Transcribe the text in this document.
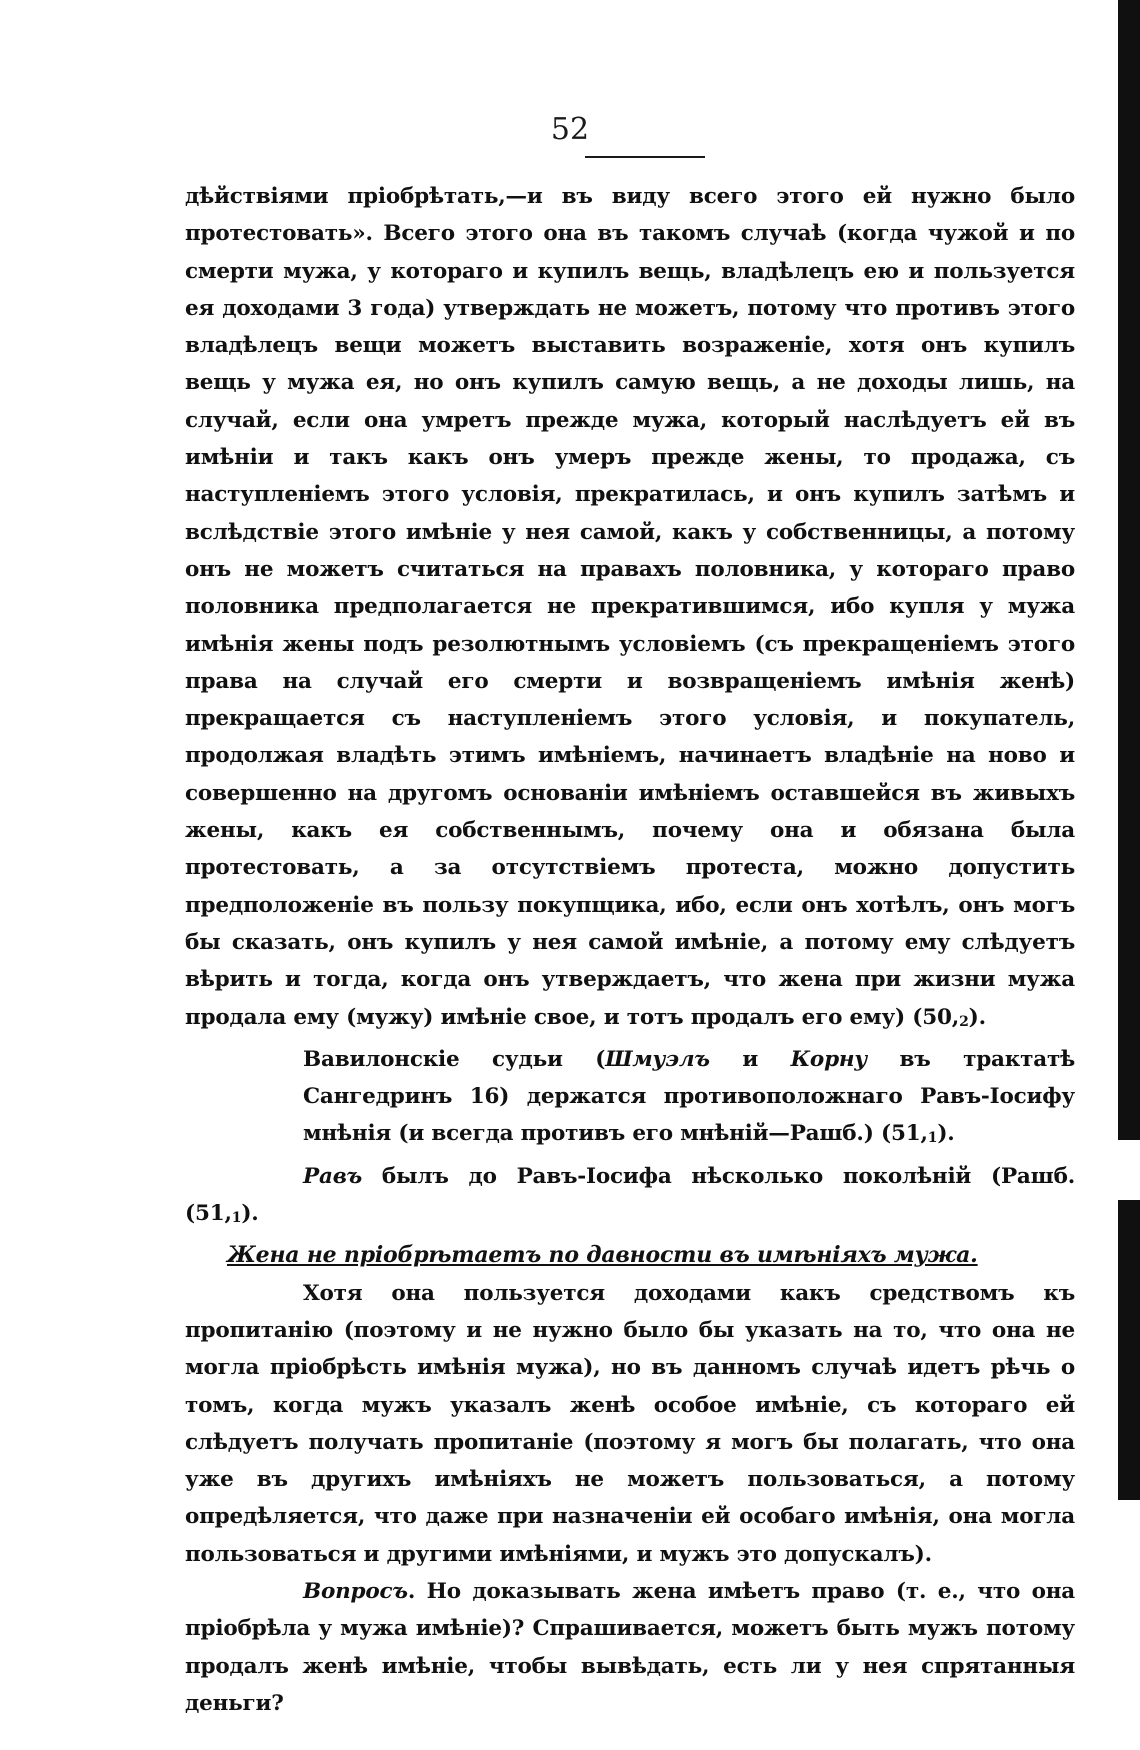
52

дѣйствіями пріобрѣтать,—и въ виду всего этого ей нужно было протестовать». Всего этого она въ такомъ случаѣ (когда чужой и по смерти мужа, у котораго и купилъ вещь, владѣлецъ ею и пользуется ея доходами 3 года) утверждать не можетъ, потому что противъ этого владѣлецъ вещи можетъ выставить возраженіе, хотя онъ купилъ вещь у мужа ея, но онъ купилъ самую вещь, а не доходы лишь, на случай, если она умретъ прежде мужа, который наслѣдуетъ ей въ имѣніи и такъ какъ онъ умеръ прежде жены, то продажа, съ наступленіемъ этого условія, прекратилась, и онъ купилъ затѣмъ и вслѣдствіе этого имѣніе у нея самой, какъ у собственницы, а потому онъ не можетъ считаться на правахъ половника, у котораго право половника предполагается не прекратившимся, ибо купля у мужа имѣнія жены подъ резолютнымъ условіемъ (съ прекращеніемъ этого права на случай его смерти и возвращеніемъ имѣнія женѣ) прекращается съ наступленіемъ этого условія, и покупатель, продолжая владѣть этимъ имѣніемъ, начинаетъ владѣніе на ново и совершенно на другомъ основаніи имѣніемъ оставшейся въ живыхъ жены, какъ ея собственнымъ, почему она и обязана была протестовать, а за отсутствіемъ протеста, можно допустить предположеніе въ пользу покупщика, ибо, если онъ хотѣлъ, онъ могъ бы сказать, онъ купилъ у нея самой имѣніе, а потому ему слѣдуетъ вѣрить и тогда, когда онъ утверждаетъ, что жена при жизни мужа продала ему (мужу) имѣніе свое, и тотъ продалъ его ему) (50,2).

Вавилонскіе судьи (Шмуэлъ и Корну въ трактатѣ Сангедринъ 16) держатся противоположнаго Равъ-Іосифу мнѣнія (и всегда противъ его мнѣній—Рашб.) (51,1).

Равъ былъ до Равъ-Іосифа нѣсколько поколѣній (Рашб. (51,1).

Жена не пріобрѣтаетъ по давности въ имѣніяхъ мужа.

Хотя она пользуется доходами какъ средствомъ къ пропитанію (поэтому и не нужно было бы указать на то, что она не могла пріобрѣсть имѣнія мужа), но въ данномъ случаѣ идетъ рѣчь о томъ, когда мужъ указалъ женѣ особое имѣніе, съ котораго ей слѣдуетъ получать пропитаніе (поэтому я могъ бы полагать, что она уже въ другихъ имѣніяхъ не можетъ пользоваться, а потому опредѣляется, что даже при назначеніи ей особаго имѣнія, она могла пользоваться и другими имѣніями, и мужъ это допускалъ).

Вопросъ. Но доказывать жена имѣетъ право (т. е., что она пріобрѣла у мужа имѣніе)? Спрашивается, можетъ быть мужъ потому продалъ женѣ имѣніе, чтобы вывѣдать, есть ли у нея спрятанныя деньги?
